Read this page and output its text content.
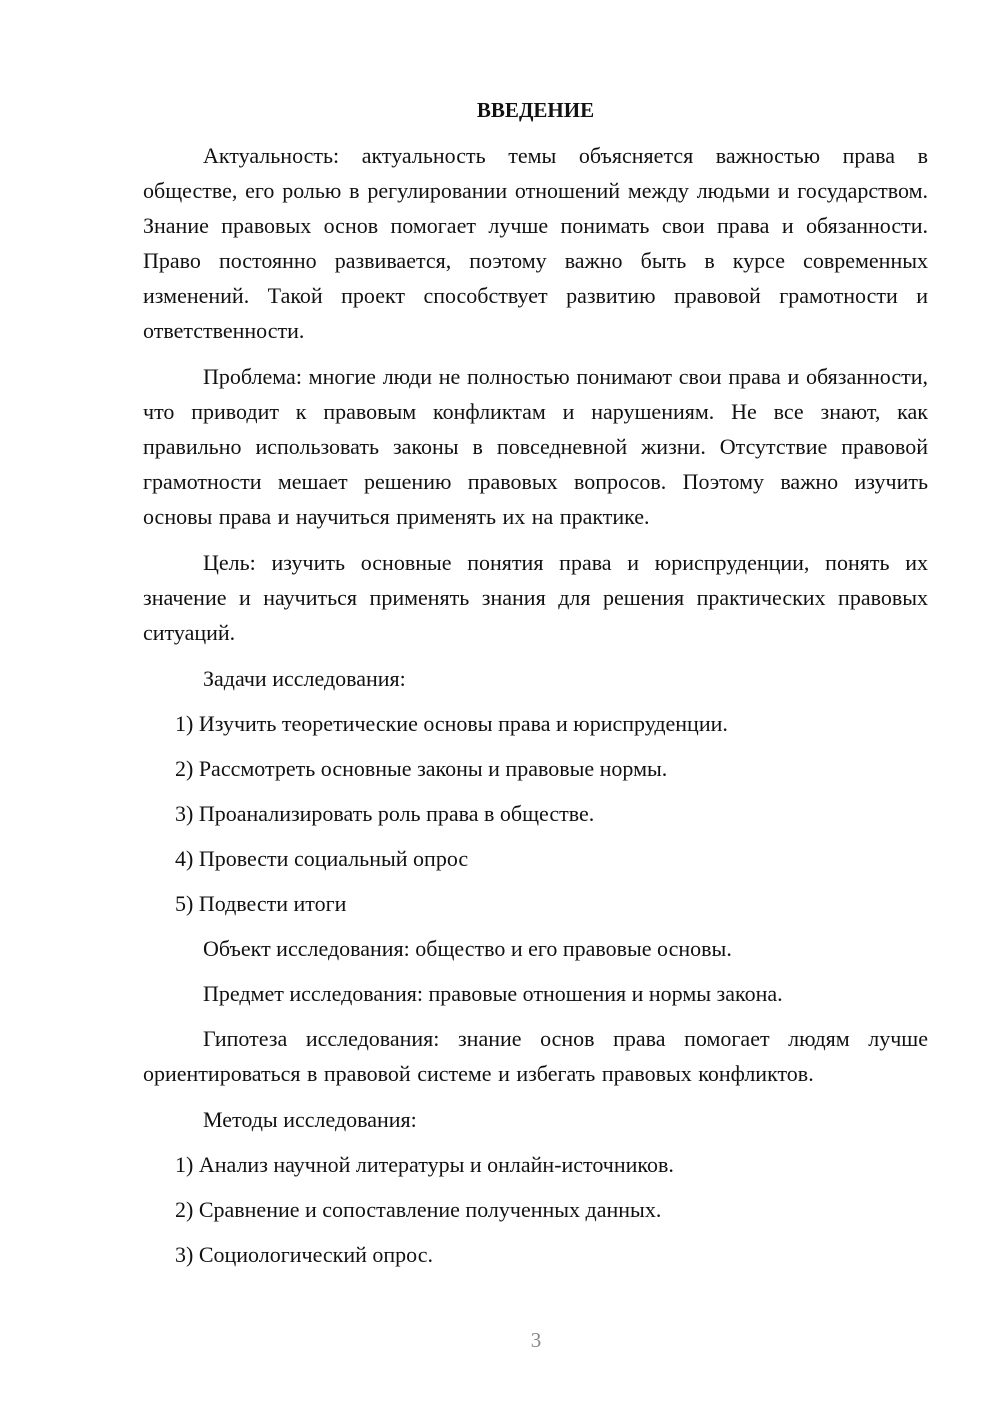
ВВЕДЕНИЕ

Актуальность: актуальность темы объясняется важностью права в обществе, его ролью в регулировании отношений между людьми и государством. Знание правовых основ помогает лучше понимать свои права и обязанности. Право постоянно развивается, поэтому важно быть в курсе современных изменений. Такой проект способствует развитию правовой грамотности и ответственности.

Проблема: многие люди не полностью понимают свои права и обязанности, что приводит к правовым конфликтам и нарушениям. Не все знают, как правильно использовать законы в повседневной жизни. Отсутствие правовой грамотности мешает решению правовых вопросов. Поэтому важно изучить основы права и научиться применять их на практике.

Цель: изучить основные понятия права и юриспруденции, понять их значение и научиться применять знания для решения практических правовых ситуаций.

Задачи исследования:

1) Изучить теоретические основы права и юриспруденции.
2) Рассмотреть основные законы и правовые нормы.
3) Проанализировать роль права в обществе.
4) Провести социальный опрос
5) Подвести итоги

Объект исследования: общество и его правовые основы.

Предмет исследования: правовые отношения и нормы закона.

Гипотеза исследования: знание основ права помогает людям лучше ориентироваться в правовой системе и избегать правовых конфликтов.

Методы исследования:

1) Анализ научной литературы и онлайн-источников.
2) Сравнение и сопоставление полученных данных.
3) Социологический опрос.
3
